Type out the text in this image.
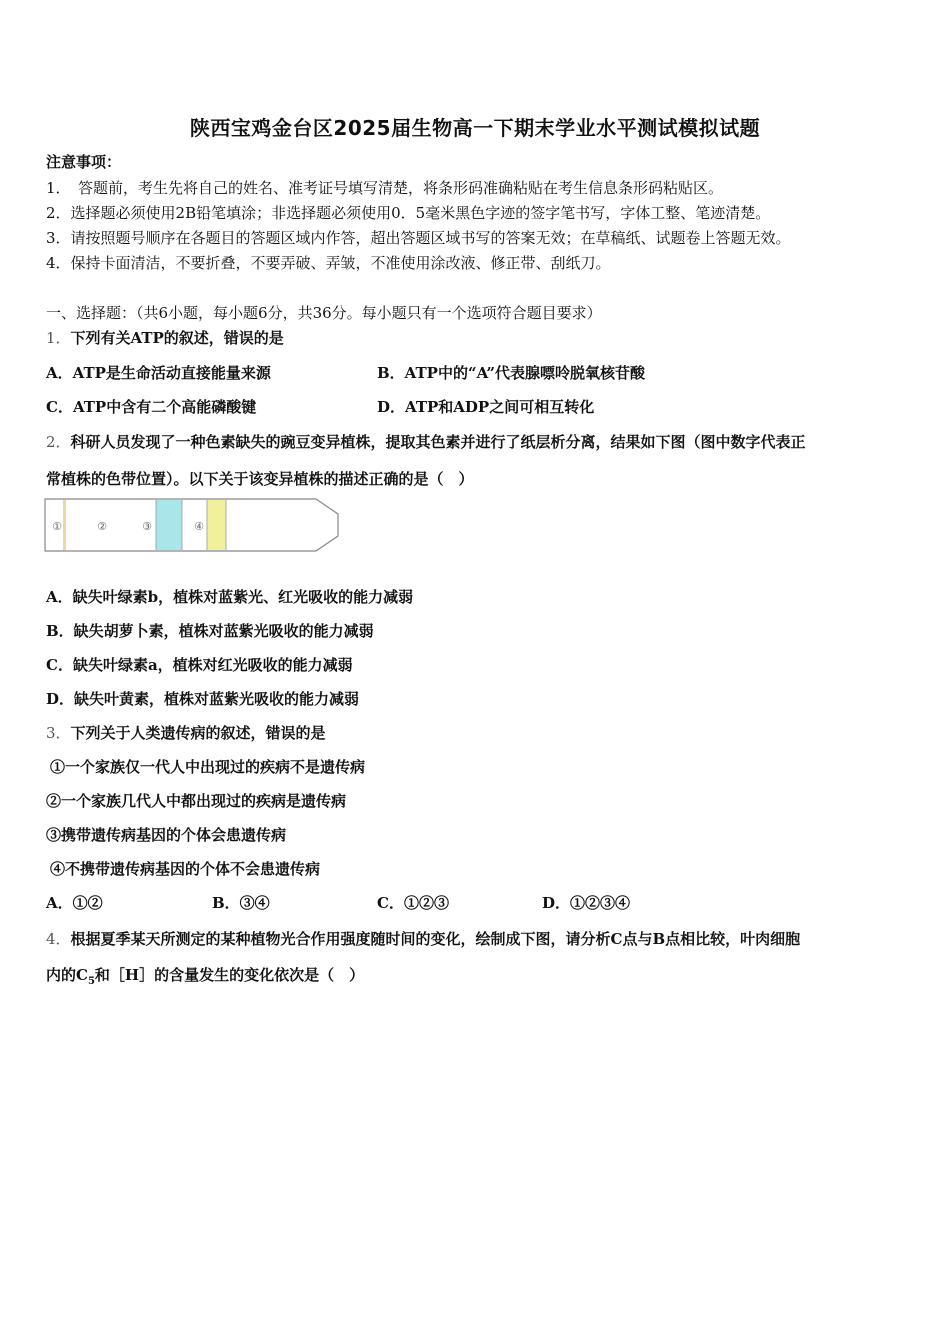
陕西宝鸡金台区2025届生物高一下期末学业水平测试模拟试题
注意事项：
1．　答题前，考生先将自己的姓名、准考证号填写清楚，将条形码准确粘贴在考生信息条形码粘贴区。
2．选择题必须使用2B铅笔填涂；非选择题必须使用0．5毫米黑色字迹的签字笔书写，字体工整、笔迹清楚。
3．请按照题号顺序在各题目的答题区域内作答，超出答题区域书写的答案无效；在草稿纸、试题卷上答题无效。
4．保持卡面清洁，不要折叠，不要弄破、弄皱，不准使用涂改液、修正带、刮纸刀。
一、选择题：（共6小题，每小题6分，共36分。每小题只有一个选项符合题目要求）
1．下列有关ATP的叙述，错误的是
A．ATP是生命活动直接能量来源	B．ATP中的“A”代表腺嘌呤脱氧核苷酸
C．ATP中含有二个高能磷酸键	D．ATP和ADP之间可相互转化
2．科研人员发现了一种色素缺失的豌豆变异植株，提取其色素并进行了纸层析分离，结果如下图（图中数字代表正
常植株的色带位置）。以下关于该变异植株的描述正确的是（　）
①	②	③	④
A．缺失叶绿素b，植株对蓝紫光、红光吸收的能力减弱
B．缺失胡萝卜素，植株对蓝紫光吸收的能力减弱
C．缺失叶绿素a，植株对红光吸收的能力减弱
D．缺失叶黄素，植株对蓝紫光吸收的能力减弱
3．下列关于人类遗传病的叙述，错误的是
①一个家族仅一代人中出现过的疾病不是遗传病
②一个家族几代人中都出现过的疾病是遗传病
③携带遗传病基因的个体会患遗传病
④不携带遗传病基因的个体不会患遗传病
A．①②	B．③④	C．①②③	D．①②③④
4．根据夏季某天所测定的某种植物光合作用强度随时间的变化，绘制成下图，请分析C点与B点相比较，叶肉细胞
内的$C_5$和［H］的含量发生的变化依次是（　）
